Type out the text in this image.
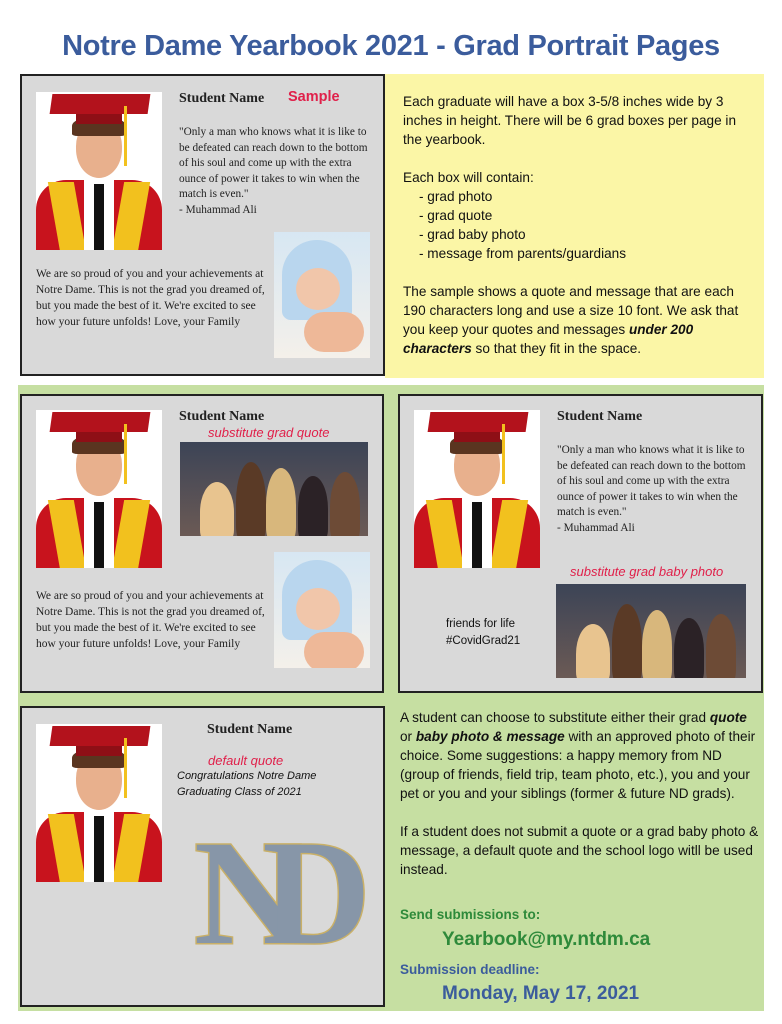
Notre Dame Yearbook 2021 - Grad Portrait Pages
Student Name Sample
"Only a man who knows what it is like to be defeated can reach down to the bottom of his soul and come up with the extra ounce of power it takes to win when the match is even."
- Muhammad Ali
We are so proud of you and your achievements at Notre Dame. This is not the grad you dreamed of, but you made the best of it. We're excited to see how your future unfolds! Love, your Family

Each graduate will have a box 3-5/8 inches wide by 3 inches in height. There will be 6 grad boxes per page in the yearbook.

Each box will contain:

- grad photo

- grad quote

- grad baby photo

- message from parents/guardians

The sample shows a quote and message that are each 190 characters long and use a size 10 font. We ask that you keep your quotes and messages under 200 characters so that they fit in the space.

Student Name
substitute grad quote
We are so proud of you and your achievements at Notre Dame. This is not the grad you dreamed of, but you made the best of it. We're excited to see how your future unfolds! Love, your Family
Student Name
"Only a man who knows what it is like to be defeated can reach down to the bottom of his soul and come up with the extra ounce of power it takes to win when the match is even."
- Muhammad Ali
substitute grad baby photo
friends for life
#CovidGrad21
Student Name
default quote
Congratulations Notre Dame
Graduating Class of 2021
ND

A student can choose to substitute either their grad quote or baby photo & message with an approved photo of their choice. Some suggestions: a happy memory from ND (group of friends, field trip, team photo, etc.), you and your pet or you and your siblings (former & future ND grads).

If a student does not submit a quote or a grad baby photo & message, a default quote and the school logo witll be used instead.

Send submissions to:
Yearbook@my.ntdm.ca
Submission deadline:
Monday, May 17, 2021
